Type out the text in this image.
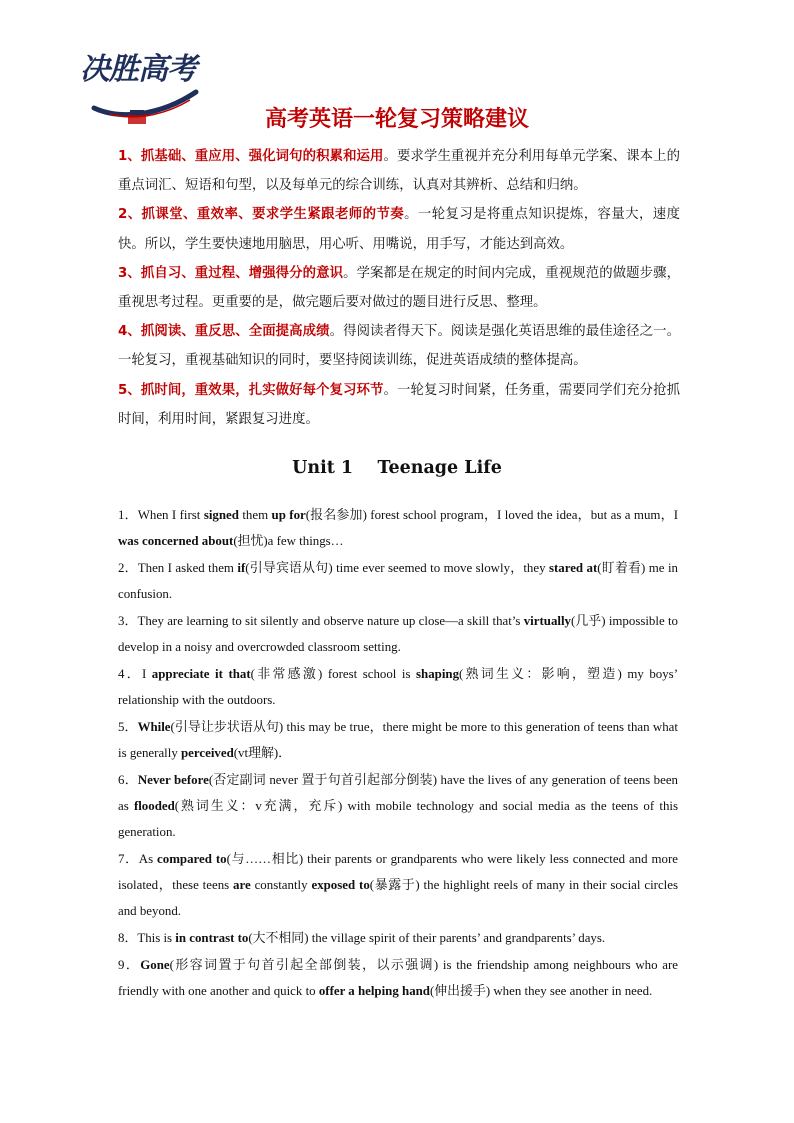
决胜高考
高考英语一轮复习策略建议
1、抓基础、重应用、强化词句的积累和运用。要求学生重视并充分利用每单元学案、课本上的重点词汇、短语和句型，以及每单元的综合训练，认真对其辨析、总结和归纳。
2、抓课堂、重效率、要求学生紧跟老师的节奏。一轮复习是将重点知识提炼，容量大，速度快。所以，学生要快速地用脑思，用心听、用嘴说，用手写，才能达到高效。
3、抓自习、重过程、增强得分的意识。学案都是在规定的时间内完成，重视规范的做题步骤，重视思考过程。更重要的是，做完题后要对做过的题目进行反思、整理。
4、抓阅读、重反思、全面提高成绩。得阅读者得天下。阅读是强化英语思维的最佳途径之一。一轮复习，重视基础知识的同时，要坚持阅读训练，促进英语成绩的整体提高。
5、抓时间，重效果，扎实做好每个复习环节。一轮复习时间紧，任务重，需要同学们充分抢抓时间，利用时间，紧跟复习进度。
Unit 1    Teenage Life
1．When I first signed them up for(报名参加) forest school program，I loved the idea，but as a mum，I was concerned about(担忧)a few things…
2．Then I asked them if(引导宾语从句) time ever seemed to move slowly，they stared at(盯着看) me in confusion.
3．They are learning to sit silently and observe nature up close—a skill that’s virtually(几乎) impossible to develop in a noisy and overcrowded classroom setting.
4．I appreciate it that(非常感激) forest school is shaping(熟词生义：影响，塑造) my boys’ relationship with the outdoors.
5．While(引导让步状语从句) this may be true，there might be more to this generation of teens than what is generally perceived(vt理解)．
6．Never before(否定副词 never 置于句首引起部分倒装) have the lives of any generation of teens been as flooded(熟词生义：v充满，充斥) with mobile technology and social media as the teens of this generation.
7．As compared to(与……相比) their parents or grandparents who were likely less connected and more isolated，these teens are constantly exposed to(暴露于) the highlight reels of many in their social circles and beyond.
8．This is in contrast to(大不相同) the village spirit of their parents’ and grandparents’ days.
9．Gone(形容词置于句首引起全部倒装，以示强调) is the friendship among neighbours who are friendly with one another and quick to offer a helping hand(伸出援手) when they see another in need.
